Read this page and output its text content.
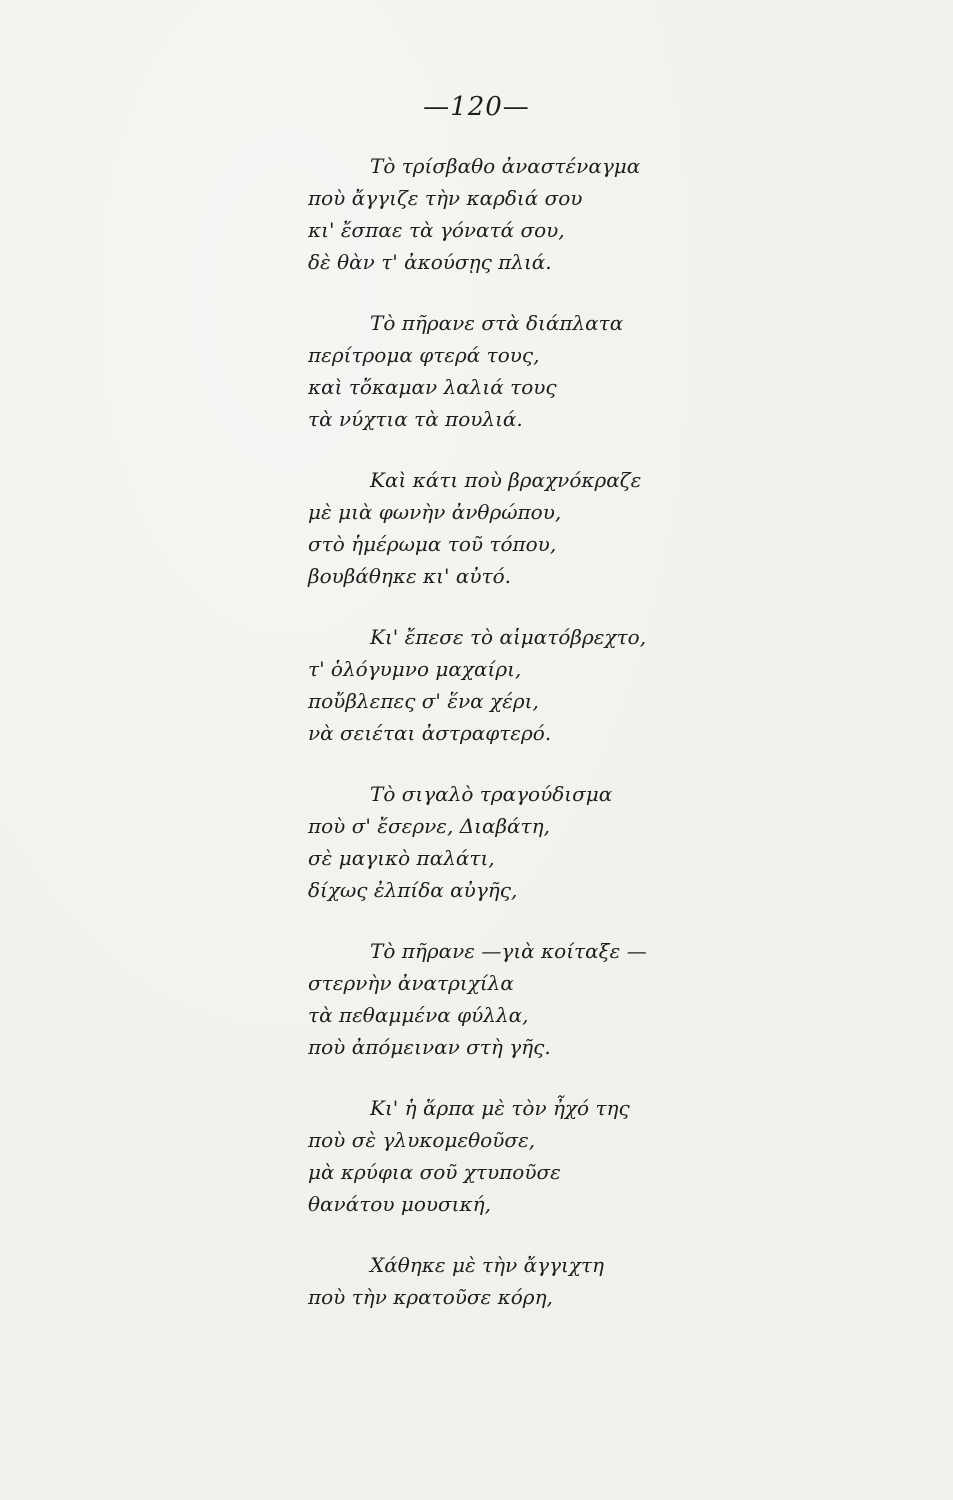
—120—
Τὸ τρίσβαθο ἀναστέναγμα
ποὺ ἄγγιζε τὴν καρδιά σου
κι' ἔσπαε τὰ γόνατά σου,
δὲ θὰν τ' ἀκούσῃς πλιά.
Τὸ πῆρανε στὰ διάπλατα
περίτρομα φτερά τους,
καὶ τὄκαμαν λαλιά τους
τὰ νύχτια τὰ πουλιά.
Καὶ κάτι ποὺ βραχνόκραζε
μὲ μιὰ φωνὴν ἀνθρώπου,
στὸ ἡμέρωμα τοῦ τόπου,
βουβάθηκε κι' αὐτό.
Κι' ἔπεσε τὸ αἱματόβρεχτο,
τ' ὁλόγυμνο μαχαίρι,
ποὔβλεπες σ' ἕνα χέρι,
νὰ σειέται ἀστραφτερό.
Τὸ σιγαλὸ τραγούδισμα
ποὺ σ' ἔσερνε, Διαβάτη,
σὲ μαγικὸ παλάτι,
δίχως ἐλπίδα αὐγῆς,
Τὸ πῆρανε —γιὰ κοίταξε —
στερνὴν ἀνατριχίλα
τὰ πεθαμμένα φύλλα,
ποὺ ἀπόμειναν στὴ γῆς.
Κι' ἡ ἅρπα μὲ τὸν ἦχό της
ποὺ σὲ γλυκομεθοῦσε,
μὰ κρύφια σοῦ χτυποῦσε
θανάτου μουσική,
Χάθηκε μὲ τὴν ἄγγιχτη
ποὺ τὴν κρατοῦσε κόρη,
